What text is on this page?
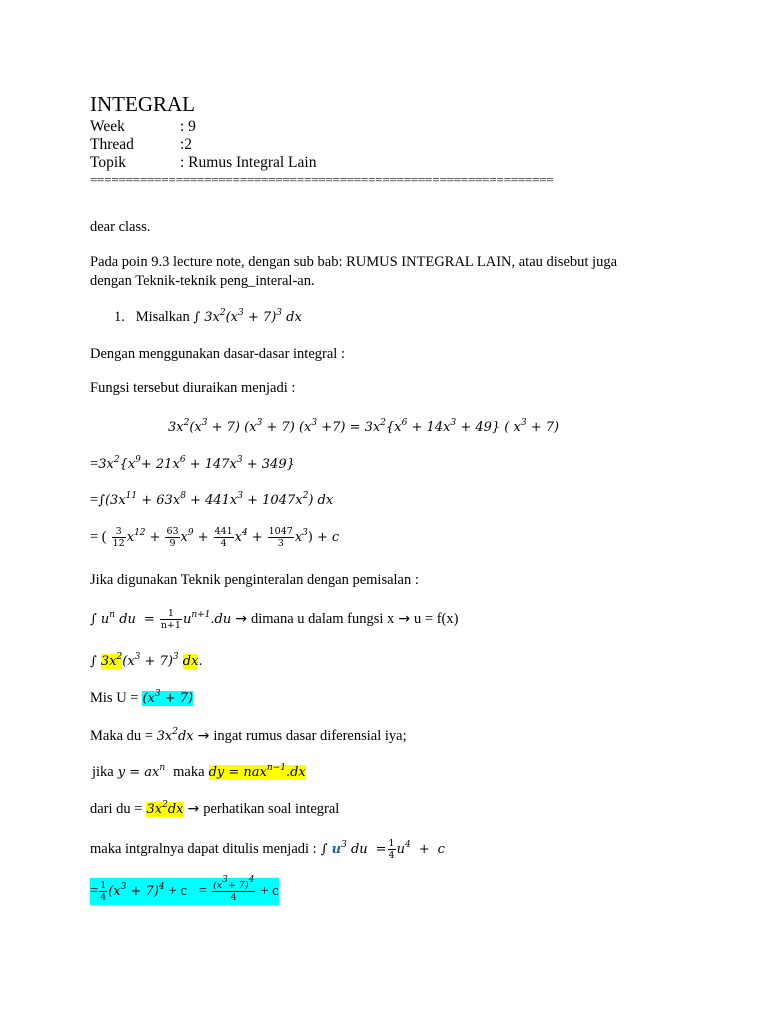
INTEGRAL
Week	: 9
Thread	:2
Topik	: Rumus Integral Lain
=================================================================
dear class.
Pada poin 9.3 lecture note, dengan sub bab: RUMUS INTEGRAL LAIN, atau disebut juga
dengan Teknik-teknik peng_interal-an.
1. Misalkan ∫ $3x^2(x^3 + 7)^3$ dx
Dengan menggunakan dasar-dasar integral :
Fungsi tersebut diuraikan menjadi :
$3x^2(x^3 + 7) (x^3 + 7)$ $(x^3 +7) = 3x^2\{x^6 + 14x^3 + 49\}$ ( $x^3 + 7$)
$=3x^2\{x^9+ 21x^6 + 147x^3 + 349\}$
$=\int(3x^{11} + 63x^8 + 441x^3 + 1047x^2)$ dx
= ( $\frac{3}{12} x^{12} + \frac{63}{9} x^9 + \frac{441}{4} x^4 + \frac{1047}{3} x^3) + c$
Jika digunakan Teknik penginteralan dengan pemisalan :
∫ $u^n$ du = $\frac{1}{n+1} u^{n+1}.du$ → dimana u dalam fungsi x → u = f(x)
∫ $3x^2(x^3 + 7)^3$ dx.
Mis $U = (x^3 + 7)$
Maka du = $3x^2dx$ → ingat rumus dasar diferensial iya;
jika $y = ax^n$ maka dy = nax$^{n-1}$.dx
dari du = $3x^2dx$ → perhatikan soal integral
maka intgralnya dapat ditulis menjadi : ∫ $u^3$ du = $\frac{1}{4} u^4 + c$
= $\frac{1}{4} (x^3 + 7)^4 + c = \frac{(x^3+ 7)^4}{4} + c$
